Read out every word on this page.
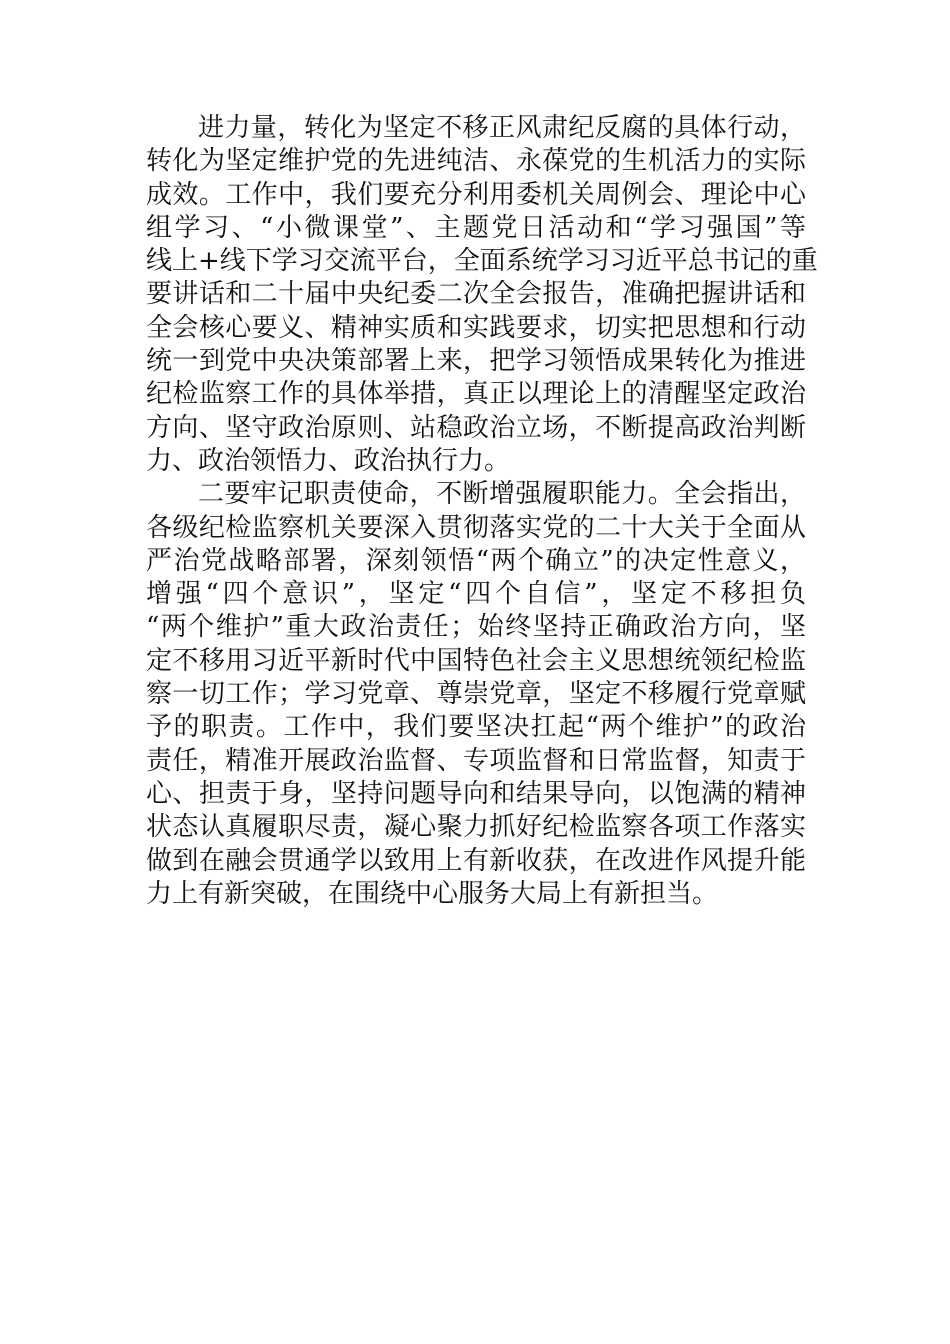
进力量，转化为坚定不移正风肃纪反腐的具体行动，
转化为坚定维护党的先进纯洁、永葆党的生机活力的实际
成效。工作中，我们要充分利用委机关周例会、理论中心
组学习、“小微课堂”、主题党日活动和“学习强国”等
线上+线下学习交流平台，全面系统学习习近平总书记的重
要讲话和二十届中央纪委二次全会报告，准确把握讲话和
全会核心要义、精神实质和实践要求，切实把思想和行动
统一到党中央决策部署上来，把学习领悟成果转化为推进
纪检监察工作的具体举措，真正以理论上的清醒坚定政治
方向、坚守政治原则、站稳政治立场，不断提高政治判断
力、政治领悟力、政治执行力。
二要牢记职责使命，不断增强履职能力。全会指出，
各级纪检监察机关要深入贯彻落实党的二十大关于全面从
严治党战略部署，深刻领悟“两个确立”的决定性意义，
增强“四个意识”，坚定“四个自信”，坚定不移担负
“两个维护”重大政治责任；始终坚持正确政治方向，坚
定不移用习近平新时代中国特色社会主义思想统领纪检监
察一切工作；学习党章、尊崇党章，坚定不移履行党章赋
予的职责。工作中，我们要坚决扛起“两个维护”的政治
责任，精准开展政治监督、专项监督和日常监督，知责于
心、担责于身，坚持问题导向和结果导向，以饱满的精神
状态认真履职尽责，凝心聚力抓好纪检监察各项工作落实
做到在融会贯通学以致用上有新收获，在改进作风提升能
力上有新突破，在围绕中心服务大局上有新担当。
